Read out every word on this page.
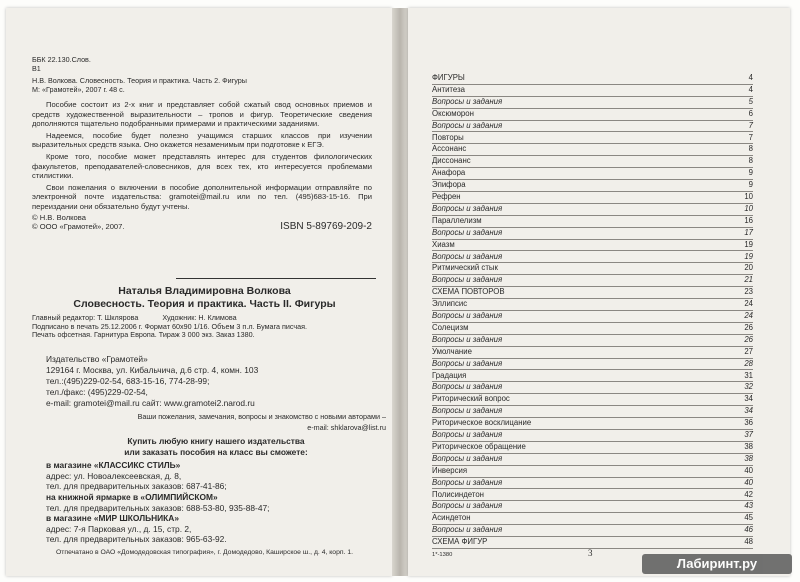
ББК 22.130.Слов.

В1

Н.В. Волкова. Словесность. Теория и практика. Часть 2. Фигуры

М: «Грамотей», 2007 г. 48 с.

Пособие состоит из 2-х книг и представляет собой сжатый свод основных приемов и средств художественной выразительности – тропов и фигур. Теоретические сведения дополняются тщательно подобранными примерами и практическими заданиями.

Надеемся, пособие будет полезно учащимся старших классов при изучении выразительных средств языка. Оно окажется незаменимым при подготовке к ЕГЭ.

Кроме того, пособие может представлять интерес для студентов филологических факультетов, преподавателей-словесников, для всех тех, кто интересуется проблемами стилистики.

Свои пожелания о включении в пособие дополнительной информации отправляйте по электронной почте издательства: gramotei@mail.ru или по тел. (495)683-15-16. При переиздании они обязательно будут учтены.

© Н.В. Волкова

© ООО «Грамотей», 2007.	ISBN 5-89769-209-2

Наталья Владимировна Волкова

Словесность. Теория и практика. Часть II. Фигуры

Главный редактор: Т. Шклярова	Художник: Н. Климова

Подписано в печать 25.12.2006 г. Формат 60х90 1/16. Объем 3 п.л. Бумага писчая.

Печать офсетная. Гарнитура Европа. Тираж 3 000 экз. Заказ 1380.

Издательство «Грамотей»

129164 г. Москва, ул. Кибальчича, д.6 стр. 4, комн. 103

тел.:(495)229-02-54, 683-15-16, 774-28-99;

тел./факс: (495)229-02-54,

e-mail: gramotei@mail.ru сайт: www.gramotei2.narod.ru

Ваши пожелания, замечания, вопросы и знакомство с новыми авторами –

e-mail: shklarova@list.ru

Купить любую книгу нашего издательства

или заказать пособия на класс вы сможете:

в магазине «КЛАССИКС СТИЛЬ»

адрес: ул. Новоалексеевская, д. 8,

тел. для предварительных заказов: 687-41-86;

на книжной ярмарке в «ОЛИМПИЙСКОМ»

тел. для предварительных заказов: 688-53-80, 935-88-47;

в магазине «МИР ШКОЛЬНИКА»

адрес: 7-я Парковая ул., д. 15, стр. 2,

тел. для предварительных заказов: 965-63-92.

Отпечатано в ОАО «Домодедовская типография», г. Домодедово, Каширское ш., д. 4, корп. 1.

ФИГУРЫ	4
Антитеза	4
Вопросы и задания	5
Оксюморон	6
Вопросы и задания	7
Повторы	7
Ассонанс	8
Диссонанс	8
Анафора	9
Эпифора	9
Рефрен	10
Вопросы и задания	10
Параллелизм	16
Вопросы и задания	17
Хиазм	19
Вопросы и задания	19
Ритмический стык	20
Вопросы и задания	21
СХЕМА ПОВТОРОВ	23
Эллипсис	24
Вопросы и задания	24
Солецизм	26
Вопросы и задания	26
Умолчание	27
Вопросы и задания	28
Градация	31
Вопросы и задания	32
Риторический вопрос	34
Вопросы и задания	34
Риторическое восклицание	36
Вопросы и задания	37
Риторическое обращение	38
Вопросы и задания	38
Инверсия	40
Вопросы и задания	40
Полисиндетон	42
Вопросы и задания	43
Асиндетон	45
Вопросы и задания	46
СХЕМА ФИГУР	48
1*-1380	3
Лабиринт.ру
